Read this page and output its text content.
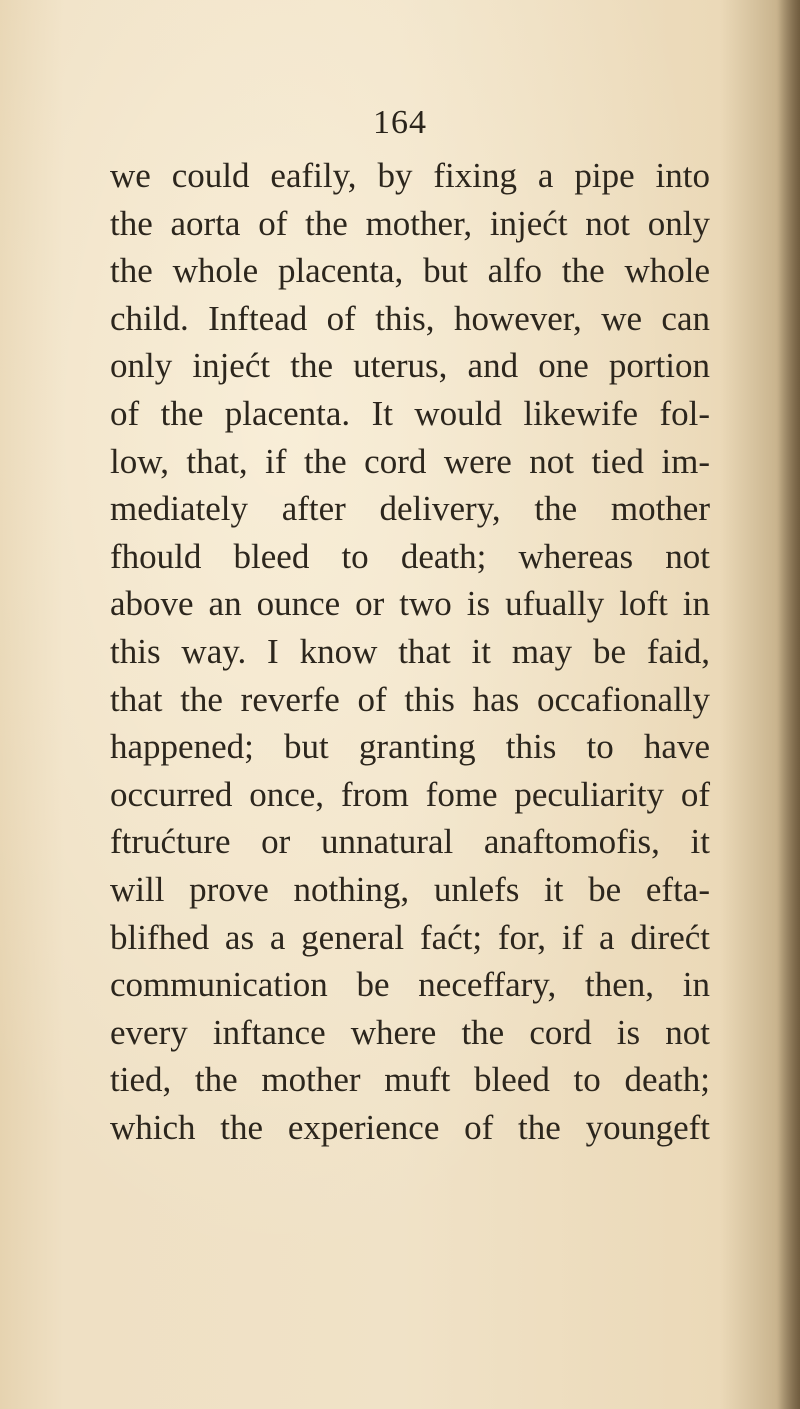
164
we could eafily, by fixing a pipe into
the aorta of the mother, injećt not only
the whole placenta, but alfo the whole
child. Inftead of this, however, we can
only injećt the uterus, and one portion
of the placenta. It would likewife fol-
low, that, if the cord were not tied im-
mediately after delivery, the mother
fhould bleed to death; whereas not
above an ounce or two is ufually loft in
this way. I know that it may be faid,
that the reverfe of this has occafionally
happened; but granting this to have
occurred once, from fome peculiarity of
ftrućture or unnatural anaftomofis, it
will prove nothing, unlefs it be efta-
blifhed as a general faćt; for, if a direćt
communication be neceffary, then, in
every inftance where the cord is not
tied, the mother muft bleed to death;
which the experience of the youngeft
